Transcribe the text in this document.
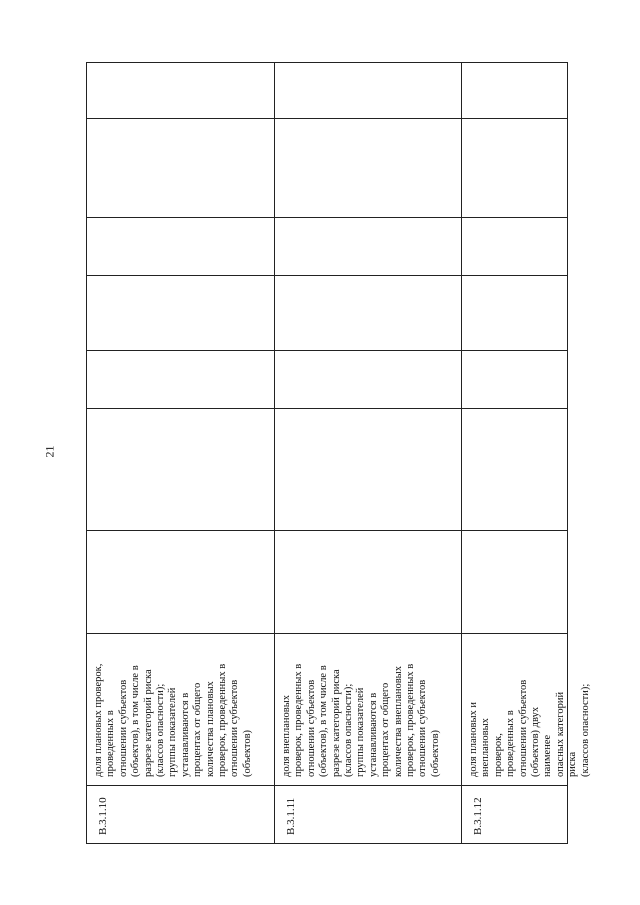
21
В.3.1.10
доля плановых проверок,
проведенных в
отношении субъектов
(объектов), в том числе в
разрезе категорий риска
(классов опасности);
группы показателей
устанавливаются в
процентах от общего
количества плановых
проверок, проведенных в
отношении субъектов
(объектов)
В.3.1.11
доля внеплановых
проверок, проведенных в
отношении субъектов
(объектов), в том числе в
разрезе категорий риска
(классов опасности);
группы показателей
устанавливаются в
процентах от общего
количества внеплановых
проверок, проведенных в
отношении субъектов
(объектов)
В.3.1.12
доля плановых и
внеплановых проверок,
проведенных в
отношении субъектов
(объектов) двух наименее
опасных категорий риска
(классов опасности);
